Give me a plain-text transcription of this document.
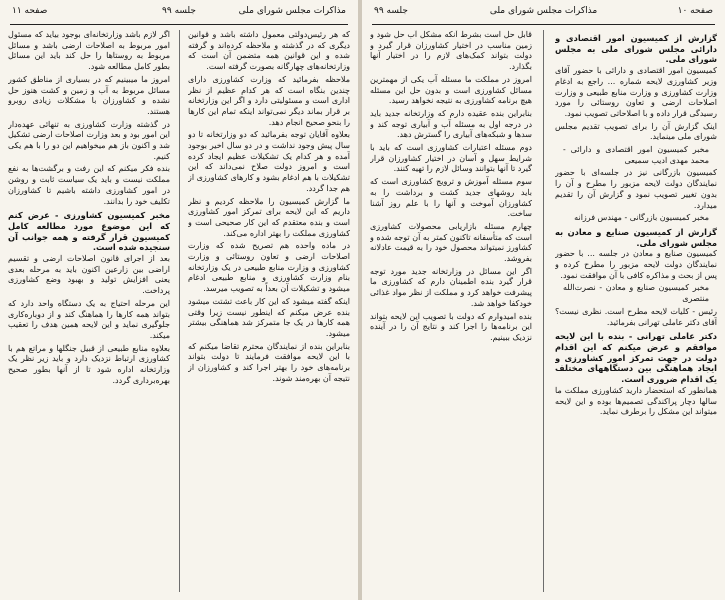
مذاکرات مجلس شورای ملی
جلسه ۹۹
صفحه ۱۱

که هر رئیس‌دولتی معمول داشته باشد و قوانین دیگری که در گذشته و ملاحظه کرده‌اند و گرفته شده و این قوانین همه متضمن آن است که وزارتخانه‌های چهارگانه بصورت گرفته است.

ملاحظه بفرمائید که وزارت کشاورزی دارای چندین بنگاه است که هر کدام عظیم از نظر اداری است و مسئولیتی دارد و اگر این وزارتخانه بر قرار بماند دیگر نمی‌تواند اینکه تمام این کارها را بنحو صحیح انجام دهد.

بعلاوه آقایان توجه بفرمائید که دو وزارتخانه تا دو سال پیش وجود نداشت و در دو سال اخیر بوجود آمده و هر کدام یک تشکیلات عظیم ایجاد کرده است و امروز دولت صلاح نمی‌داند که این تشکیلات با هم ادغام بشود و کارهای کشاورزی از هم جدا گردد.

ما گزارش کمیسیون را ملاحظه کردیم و نظر داریم که این لایحه برای تمرکز امور کشاورزی است و بنده معتقدم که این کار صحیحی است و کشاورزی مملکت را بهتر اداره می‌کند.

در ماده واحده هم تصریح شده که وزارت اصلاحات ارضی و تعاون روستائی و وزارت کشاورزی و وزارت منابع طبیعی در یک وزارتخانه بنام وزارت کشاورزی و منابع طبیعی ادغام میشود و تشکیلات آن بعداً به تصویب میرسد.

اینکه گفته میشود که این کار باعث تشتت میشود بنده عرض میکنم که اینطور نیست زیرا وقتی همه کارها در یک جا متمرکز شد هماهنگی بیشتر میشود.

بنابراین بنده از نمایندگان محترم تقاضا میکنم که با این لایحه موافقت فرمایند تا دولت بتواند برنامه‌های خود را بهتر اجرا کند و کشاورزان از نتیجه آن بهره‌مند شوند.

اگر لازم باشد وزارتخانه‌ای بوجود بیاید که مسئول امور مربوط به اصلاحات ارضی باشد و مسائل مربوط به روستاها را حل کند باید این مسائل بطور کامل مطالعه شود.

امروز ما میبینیم که در بسیاری از مناطق کشور مسائل مربوط به آب و زمین و کشت هنوز حل نشده و کشاورزان با مشکلات زیادی روبرو هستند.

در گذشته وزارت کشاورزی به تنهائی عهده‌دار این امور بود و بعد وزارت اصلاحات ارضی تشکیل شد و اکنون باز هم میخواهیم این دو را با هم یکی کنیم.

بنده فکر میکنم که این رفت و برگشت‌ها به نفع مملکت نیست و باید یک سیاست ثابت و روشن در امور کشاورزی داشته باشیم تا کشاورزان تکلیف خود را بدانند.

مخبر کمیسیون کشاورزی - عرض کنم که این موضوع مورد مطالعه کامل کمیسیون قرار گرفته و همه جوانب آن سنجیده شده است.

بعد از اجرای قانون اصلاحات ارضی و تقسیم اراضی بین زارعین اکنون باید به مرحله بعدی یعنی افزایش تولید و بهبود وضع کشاورزی پرداخت.

این مرحله احتیاج به یک دستگاه واحد دارد که بتواند همه کارها را هماهنگ کند و از دوباره‌کاری جلوگیری نماید و این لایحه همین هدف را تعقیب میکند.

بعلاوه منابع طبیعی از قبیل جنگلها و مراتع هم با کشاورزی ارتباط نزدیک دارد و باید زیر نظر یک وزارتخانه اداره شود تا از آنها بطور صحیح بهره‌برداری گردد.

صفحه ۱۰
مذاکرات مجلس شورای ملی
جلسه ۹۹

گزارش از کمیسیون امور اقتصادی و دارائی مجلس شورای ملی به مجلس شورای ملی.

کمیسیون امور اقتصادی و دارائی با حضور آقای وزیر کشاورزی لایحه شماره ... راجع به ادغام وزارت کشاورزی و وزارت منابع طبیعی و وزارت اصلاحات ارضی و تعاون روستائی را مورد رسیدگی قرار داده و با اصلاحاتی تصویب نمود.

اینک گزارش آن را برای تصویب تقدیم مجلس شورای ملی مینماید.

مخبر کمیسیون امور اقتصادی و دارائی - محمد مهدی ادیب سمیعی

کمیسیون بازرگانی نیز در جلسه‌ای با حضور نمایندگان دولت لایحه مزبور را مطرح و آن را بدون تغییر تصویب نمود و گزارش آن را تقدیم میدارد.

مخبر کمیسیون بازرگانی - مهندس فرزانه

گزارش از کمیسیون صنایع و معادن به مجلس شورای ملی.

کمیسیون صنایع و معادن در جلسه ... با حضور نمایندگان دولت لایحه مزبور را مطرح کرده و پس از بحث و مذاکره کافی با آن موافقت نمود.

مخبر کمیسیون صنایع و معادن - نصرت‌الله منتصری

رئیس - کلیات لایحه مطرح است. نظری نیست؟ آقای دکتر عاملی تهرانی بفرمائید.

دکتر عاملی تهرانی - بنده با این لایحه موافقم و عرض میکنم که این اقدام دولت در جهت تمرکز امور کشاورزی و ایجاد هماهنگی بین دستگاههای مختلف یک اقدام ضروری است.

همانطور که استحضار دارید کشاورزی مملکت ما سالها دچار پراکندگی تصمیم‌ها بوده و این لایحه میتواند این مشکل را برطرف نماید.

قابل حل است بشرط آنکه مشکل آب حل شود و زمین مناسب در اختیار کشاورزان قرار گیرد و دولت بتواند کمک‌های لازم را در اختیار آنها بگذارد.

امروز در مملکت ما مسئله آب یکی از مهمترین مسائل کشاورزی است و بدون حل این مسئله هیچ برنامه کشاورزی به نتیجه نخواهد رسید.

بنابراین بنده عقیده دارم که وزارتخانه جدید باید در درجه اول به مسئله آب و آبیاری توجه کند و سدها و شبکه‌های آبیاری را گسترش دهد.

دوم مسئله اعتبارات کشاورزی است که باید با شرایط سهل و آسان در اختیار کشاورزان قرار گیرد تا آنها بتوانند وسائل لازم را تهیه کنند.

سوم مسئله آموزش و ترویج کشاورزی است که باید روشهای جدید کشت و برداشت را به کشاورزان آموخت و آنها را با علم روز آشنا ساخت.

چهارم مسئله بازاریابی محصولات کشاورزی است که متأسفانه تاکنون کمتر به آن توجه شده و کشاورز نمیتواند محصول خود را به قیمت عادلانه بفروشد.

اگر این مسائل در وزارتخانه جدید مورد توجه قرار گیرد بنده اطمینان دارم که کشاورزی ما پیشرفت خواهد کرد و مملکت از نظر مواد غذائی خودکفا خواهد شد.

بنده امیدوارم که دولت با تصویب این لایحه بتواند این برنامه‌ها را اجرا کند و نتایج آن را در آینده نزدیک ببینیم.
